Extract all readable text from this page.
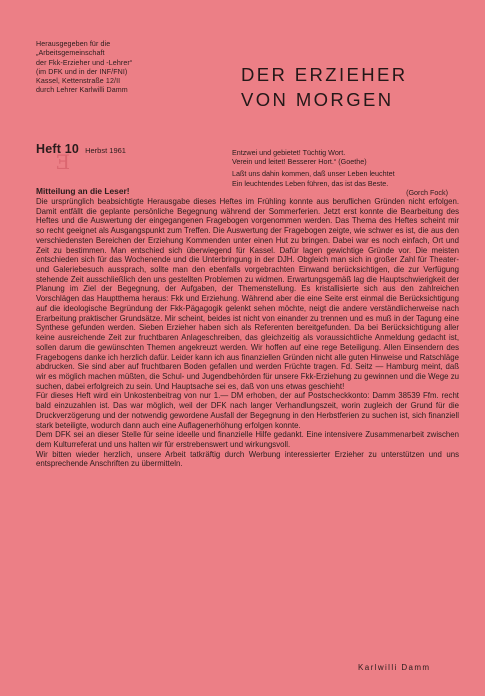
Herausgegeben für die
„Arbeitsgemeinschaft
der Fkk-Erzieher und -Lehrer“
(im DFK und in der INF/FNI)
Kassel, Kettenstraße 12/II
durch Lehrer Karlwilli Damm
Heft 10 Herbst 1961
DER ERZIEHER
VON MORGEN
Ǝ	Entzwei und gebietet! Tüchtig Wort.
Verein und leitet! Besserer Hort.“ (Goethe)
Laßt uns dahin kommen, daß unser Leben leuchtet
Ein leuchtendes Leben führen, das ist das Beste.
(Gorch Fock)
Mitteilung an die Leser!

Die ursprünglich beabsichtigte Herausgabe dieses Heftes im Frühling konnte aus beruflichen Gründen nicht erfolgen. Damit entfällt die geplante persönliche Begegnung während der Sommerferien. Jetzt erst konnte die Bearbeitung des Heftes und die Auswertung der eingegangenen Fragebogen vorgenommen werden. Das Thema des Heftes scheint mir so recht geeignet als Ausgangspunkt zum Treffen. Die Auswertung der Fragebogen zeigte, wie schwer es ist, die aus den verschiedensten Bereichen der Erziehung Kommenden unter einen Hut zu bringen. Dabei war es noch einfach, Ort und Zeit zu bestimmen. Man entschied sich überwiegend für Kassel. Dafür lagen gewichtige Gründe vor. Die meisten entschieden sich für das Wochenende und die Unterbringung in der DJH. Obgleich man sich in großer Zahl für Theater- und Galeriebesuch aussprach, sollte man den ebenfalls vorgebrachten Einwand berücksichtigen, die zur Verfügung stehende Zeit ausschließlich den uns gestellten Problemen zu widmen. Erwartungsgemäß lag die Hauptschwierigkeit der Planung im Ziel der Begegnung, der Aufgaben, der Themenstellung. Es kristallisierte sich aus den zahlreichen Vorschlägen das Hauptthema heraus: Fkk und Erziehung. Während aber die eine Seite erst einmal die Berücksichtigung auf die ideologische Begründung der Fkk-Pägagogik gelenkt sehen möchte, neigt die andere verständlicherweise nach Erarbeitung praktischer Grundsätze. Mir scheint, beides ist nicht von einander zu trennen und es muß in der Tagung eine Synthese gefunden werden. Sieben Erzieher haben sich als Referenten bereitgefunden. Da bei Berücksichtigung aller keine ausreichende Zeit zur fruchtbaren Anlageschreiben, das gleichzeitig als voraussichtliche Anmeldung gedacht ist, sollen darum die gewünschten Themen angekreuzt werden. Wir hoffen auf eine rege Beteiligung. Allen Einsendern des Fragebogens danke ich herzlich dafür. Leider kann ich aus finanziellen Gründen nicht alle guten Hinweise und Ratschläge abdrucken. Sie sind aber auf fruchtbaren Boden gefallen und werden Früchte tragen. Fd. Seitz — Hamburg meint, daß wir es möglich machen müßten, die Schul- und Jugendbehörden für unsere Fkk-Erziehung zu gewinnen und die Wege zu suchen, dabei erfolgreich zu sein. Und Hauptsache sei es, daß von uns etwas geschieht!

Für dieses Heft wird ein Unkostenbeitrag von nur 1.— DM erhoben, der auf Postscheckkonto: Damm 38539 Ffm. recht bald einzuzahlen ist. Das war möglich, weil der DFK nach langer Verhandlungszeit, worin zugleich der Grund für die Druckverzögerung und der notwendig gewordene Ausfall der Begegnung in den Herbstferien zu suchen ist, sich finanziell stark beteiligte, wodurch dann auch eine Auflagenerhöhung erfolgen konnte.

Dem DFK sei an dieser Stelle für seine ideelle und finanzielle Hilfe gedankt. Eine intensivere Zusammenarbeit zwischen dem Kulturreferat und uns halten wir für erstrebenswert und wirkungsvoll.

Wir bitten wieder herzlich, unsere Arbeit tatkräftig durch Werbung interessierter Erzieher zu unterstützen und uns entsprechende Anschriften zu übermitteln.

Karlwilli Damm
